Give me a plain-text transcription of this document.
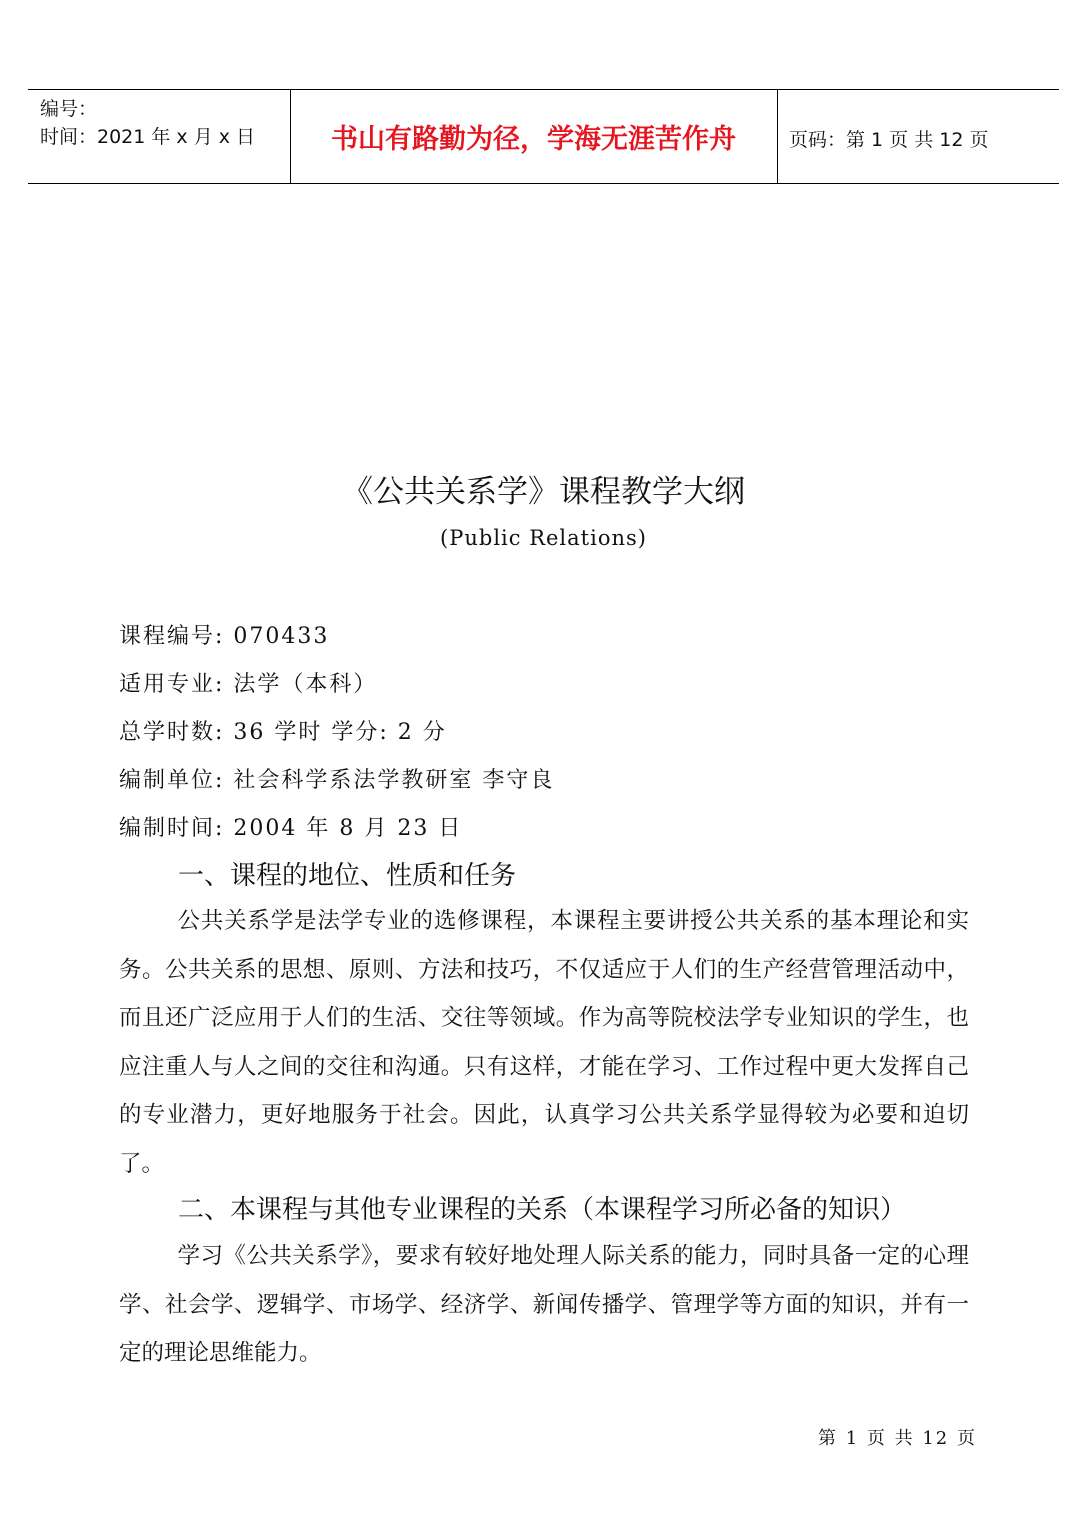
编号：
时间：2021 年 x 月 x 日	书山有路勤为径，学海无涯苦作舟	页码：第 1 页 共 12 页
《公共关系学》课程教学大纲
(Public Relations)
课程编号: 070433
适用专业: 法学（本科）
总学时数: 36 学时 学分: 2 分
编制单位: 社会科学系法学教研室 李守良
编制时间: 2004 年 8 月 23 日
一、课程的地位、性质和任务

公共关系学是法学专业的选修课程，本课程主要讲授公共关系的基本理论和实务。公共关系的思想、原则、方法和技巧，不仅适应于人们的生产经营管理活动中，而且还广泛应用于人们的生活、交往等领域。作为高等院校法学专业知识的学生，也应注重人与人之间的交往和沟通。只有这样，才能在学习、工作过程中更大发挥自己的专业潜力，更好地服务于社会。因此，认真学习公共关系学显得较为必要和迫切了。

二、本课程与其他专业课程的关系（本课程学习所必备的知识）

学习《公共关系学》，要求有较好地处理人际关系的能力，同时具备一定的心理学、社会学、逻辑学、市场学、经济学、新闻传播学、管理学等方面的知识，并有一定的理论思维能力。

第 1 页 共 12 页
